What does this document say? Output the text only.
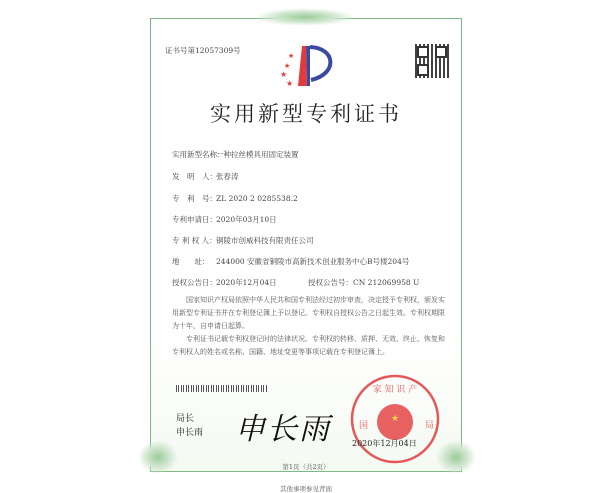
证书号第12057309号
★
★
★
★
实用新型专利证书
实用新型名称：一种拉丝模具用固定装置
发　明　人：张春涛
专　利　号：ZL 2020 2 0285538.2
专利申请日：2020年03月10日
专 利 权 人：铜陵市创威科技有限责任公司
地　　址： 244000 安徽省铜陵市高新技术创业服务中心B号楼204号
授权公告日：2020年12月04日	授权公告号：CN 212069958 U
国家知识产权局依照中华人民共和国专利法经过初步审查，决定授予专利权，颁发实用新型专利证书并在专利登记簿上予以登记。专利权自授权公告之日起生效。专利权期限为十年，自申请日起算。
专利证书记载专利权登记时的法律状况。专利权的转移、质押、无效、终止、恢复和专利权人的姓名或名称、国籍、地址变更等事项记载在专利登记簿上。
局长
申长雨 申长雨	★
家 知 识 产
国	局
2020年12月04日
第1页（共2页）
其他事项参见背面
